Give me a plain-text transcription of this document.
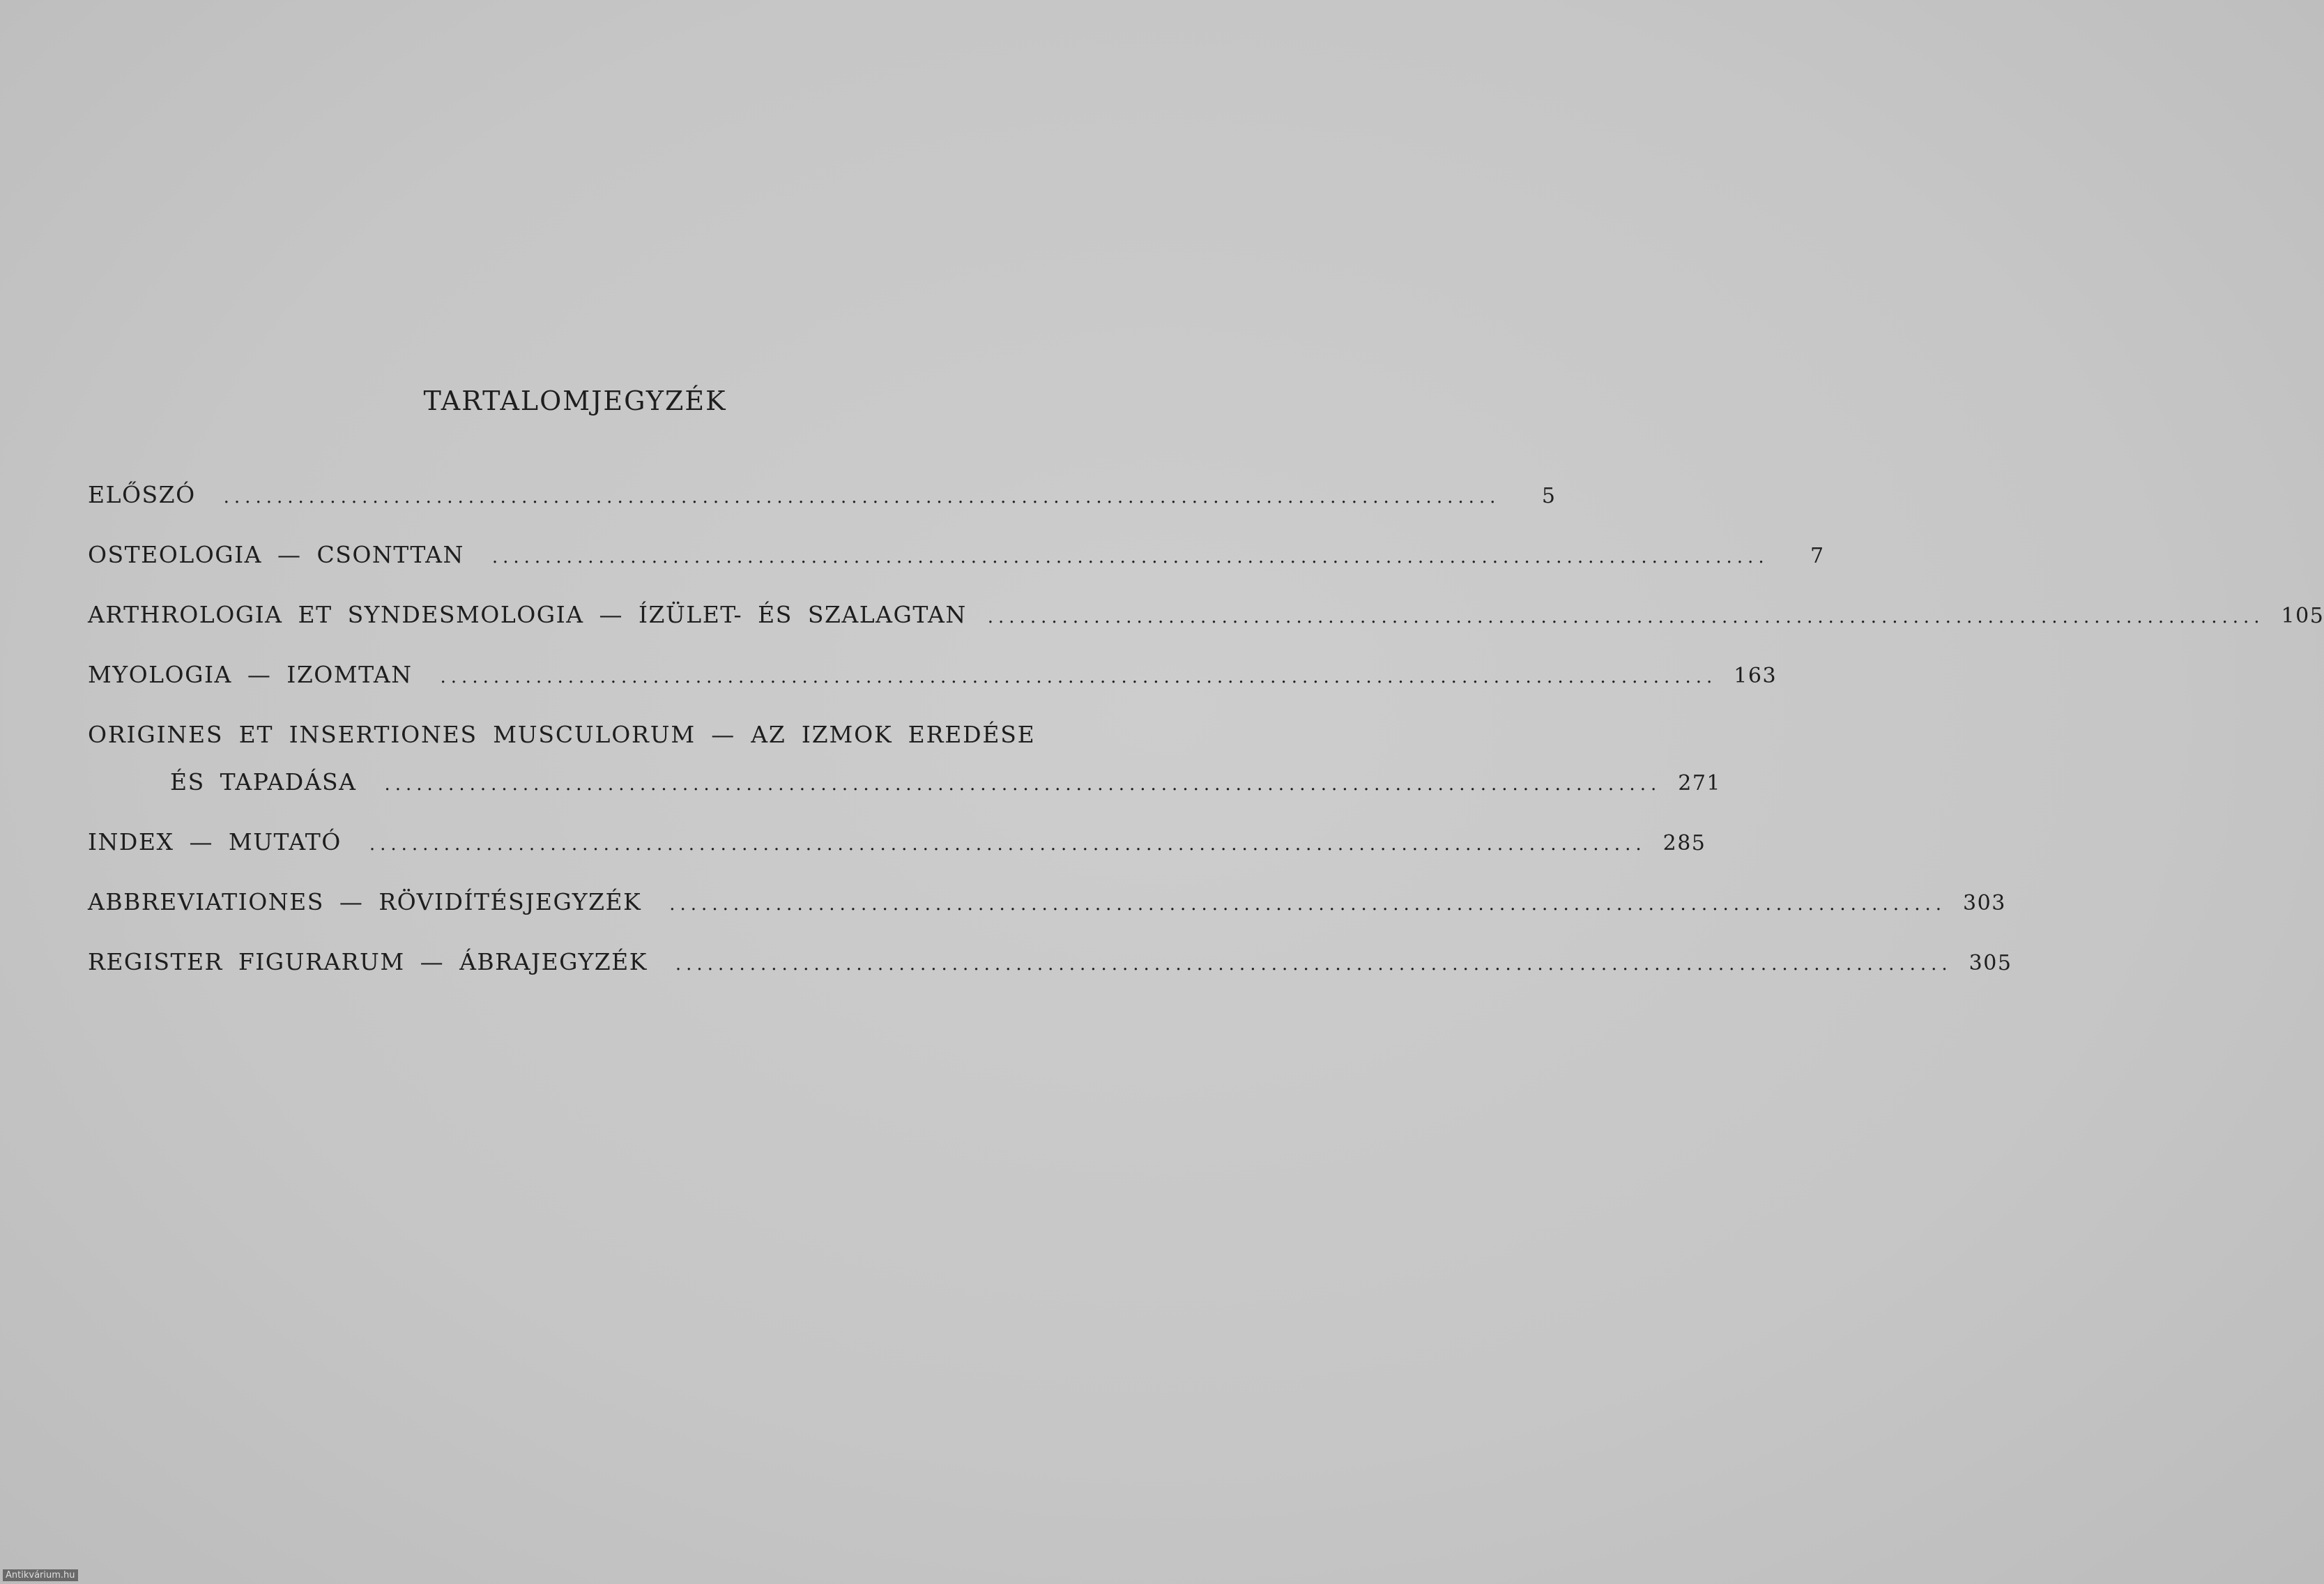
TARTALOMJEGYZÉK
ELŐSZÓ ........................................................................................................................	5
OSTEOLOGIA — CSONTTAN ........................................................................................................................	7
ARTHROLOGIA ET SYNDESMOLOGIA — ÍZÜLET- ÉS SZALAGTAN ........................................................................................................................ 105
MYOLOGIA — IZOMTAN ........................................................................................................................ 163
ORIGINES ET INSERTIONES MUSCULORUM — AZ IZMOK EREDÉSE
ÉS TAPADÁSA ........................................................................................................................ 271
INDEX — MUTATÓ ........................................................................................................................ 285
ABBREVIATIONES — RÖVIDÍTÉSJEGYZÉK ........................................................................................................................ 303
REGISTER FIGURARUM — ÁBRAJEGYZÉK ........................................................................................................................ 305
Antikvárium.hu
